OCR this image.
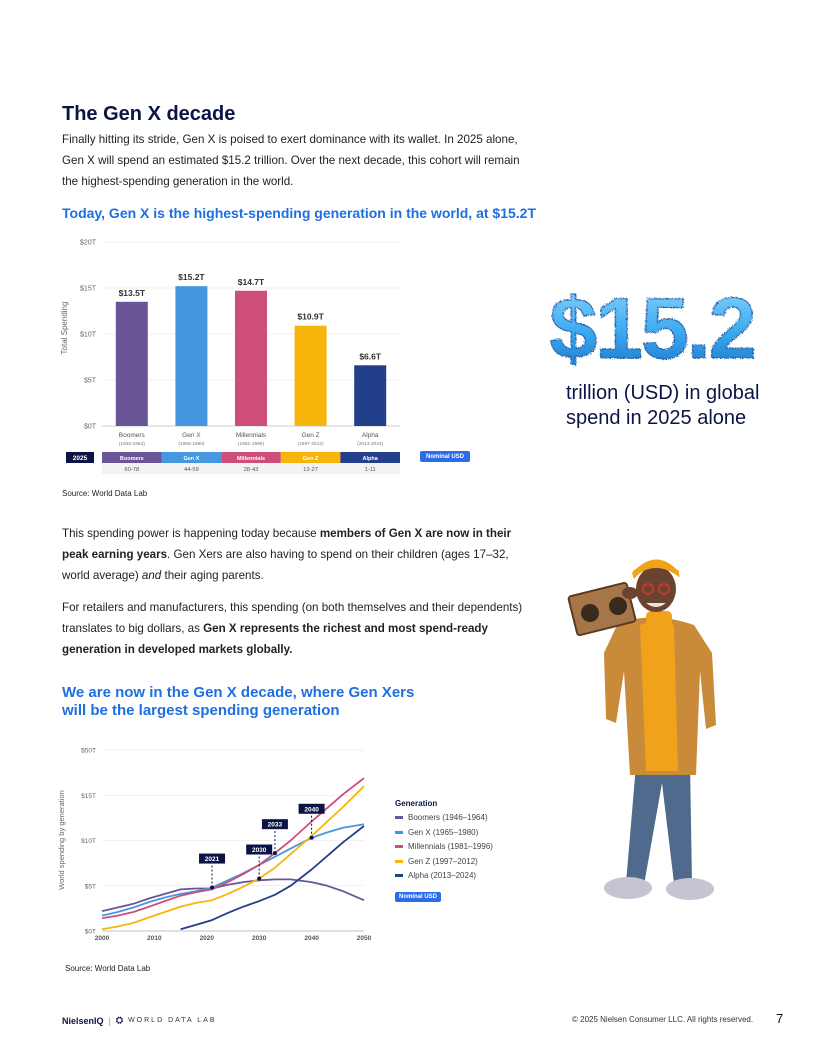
The Gen X decade

Finally hitting its stride, Gen X is poised to exert dominance with its wallet. In 2025 alone, Gen X will spend an estimated $15.2 trillion. Over the next decade, this cohort will remain the highest-spending generation in the world.

Today, Gen X is the highest-spending generation in the world, at $15.2T

Total Spending
$20T
$15T
$10T
$5T
$0T
$13.5T
$15.2T	$14.7T
$10.9T
$6.6T
Boomers
(1946-1964)
Gen X
(1965-1980)
Millennials
(1981-1996)
Gen Z
(1997-2012)
Alpha
(2013-2024)
2025	Boomers
60-78
Gen X
44-59
Millennials
28-43
Gen Z
12-27
Alpha
1-11
Nominal USD
Source: World Data Lab
$15.2

trillion (USD) in global spend in 2025 alone

This spending power is happening today because members of Gen X are now in their peak earning years. Gen Xers are also having to spend on their children (ages 17–32, world average) and their aging parents.

For retailers and manufacturers, this spending (on both themselves and their dependents) translates to big dollars, as Gen X represents the richest and most spend-ready generation in developed markets globally.

We are now in the Gen X decade, where Gen Xers
will be the largest spending generation

World spending by generation
$50T
$15T
$10T
$5T
$0T
2000	2010	2020	2030	2040	2050
2021
2030
2033
2040
Generation
Boomers (1946–1964)
Gen X (1965–1980)
Millennials (1981–1996)
Gen Z (1997–2012)
Alpha (2013–2024)
Nominal USD
Source: World Data Lab
NielsenIQ | ⛭ WORLD DATA LAB	© 2025 Nielsen Consumer LLC. All rights reserved. 7
